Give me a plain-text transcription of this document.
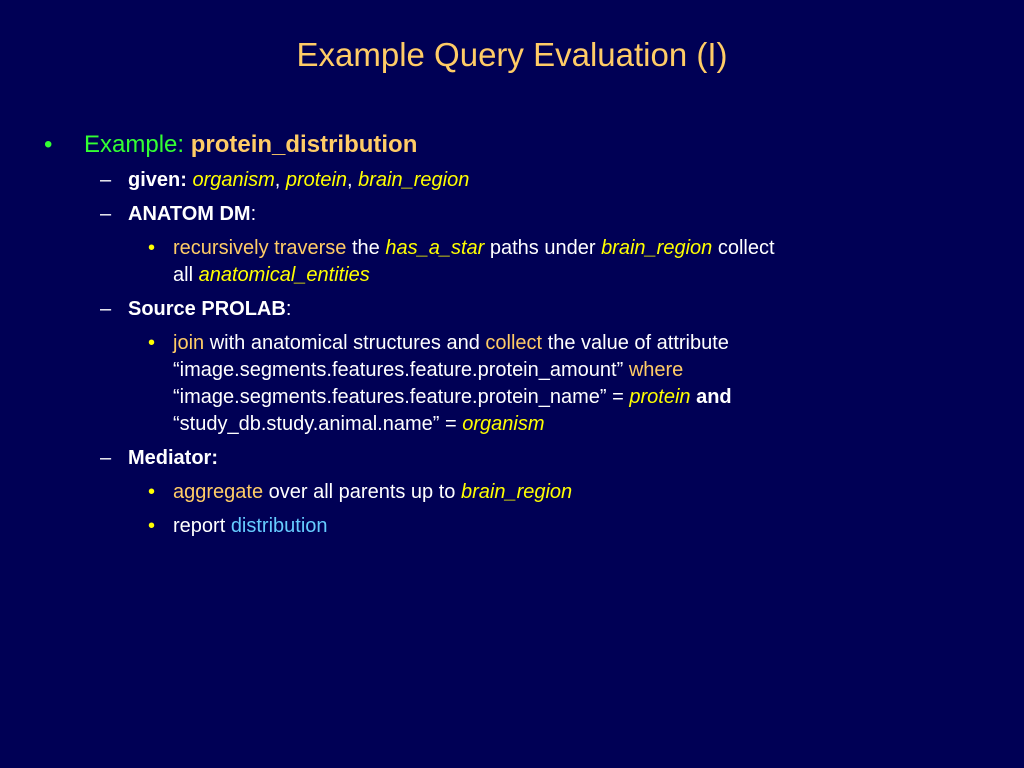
Example Query Evaluation (I)
• Example: protein_distribution
– given: organism, protein, brain_region
– ANATOM DM:
• recursively traverse the has_a_star paths under brain_region collect
all anatomical_entities
– Source PROLAB:
• join with anatomical structures and collect the value of attribute
“image.segments.features.feature.protein_amount” where
“image.segments.features.feature.protein_name” = protein and
“study_db.study.animal.name” = organism
– Mediator:
• aggregate over all parents up to brain_region
• report distribution
